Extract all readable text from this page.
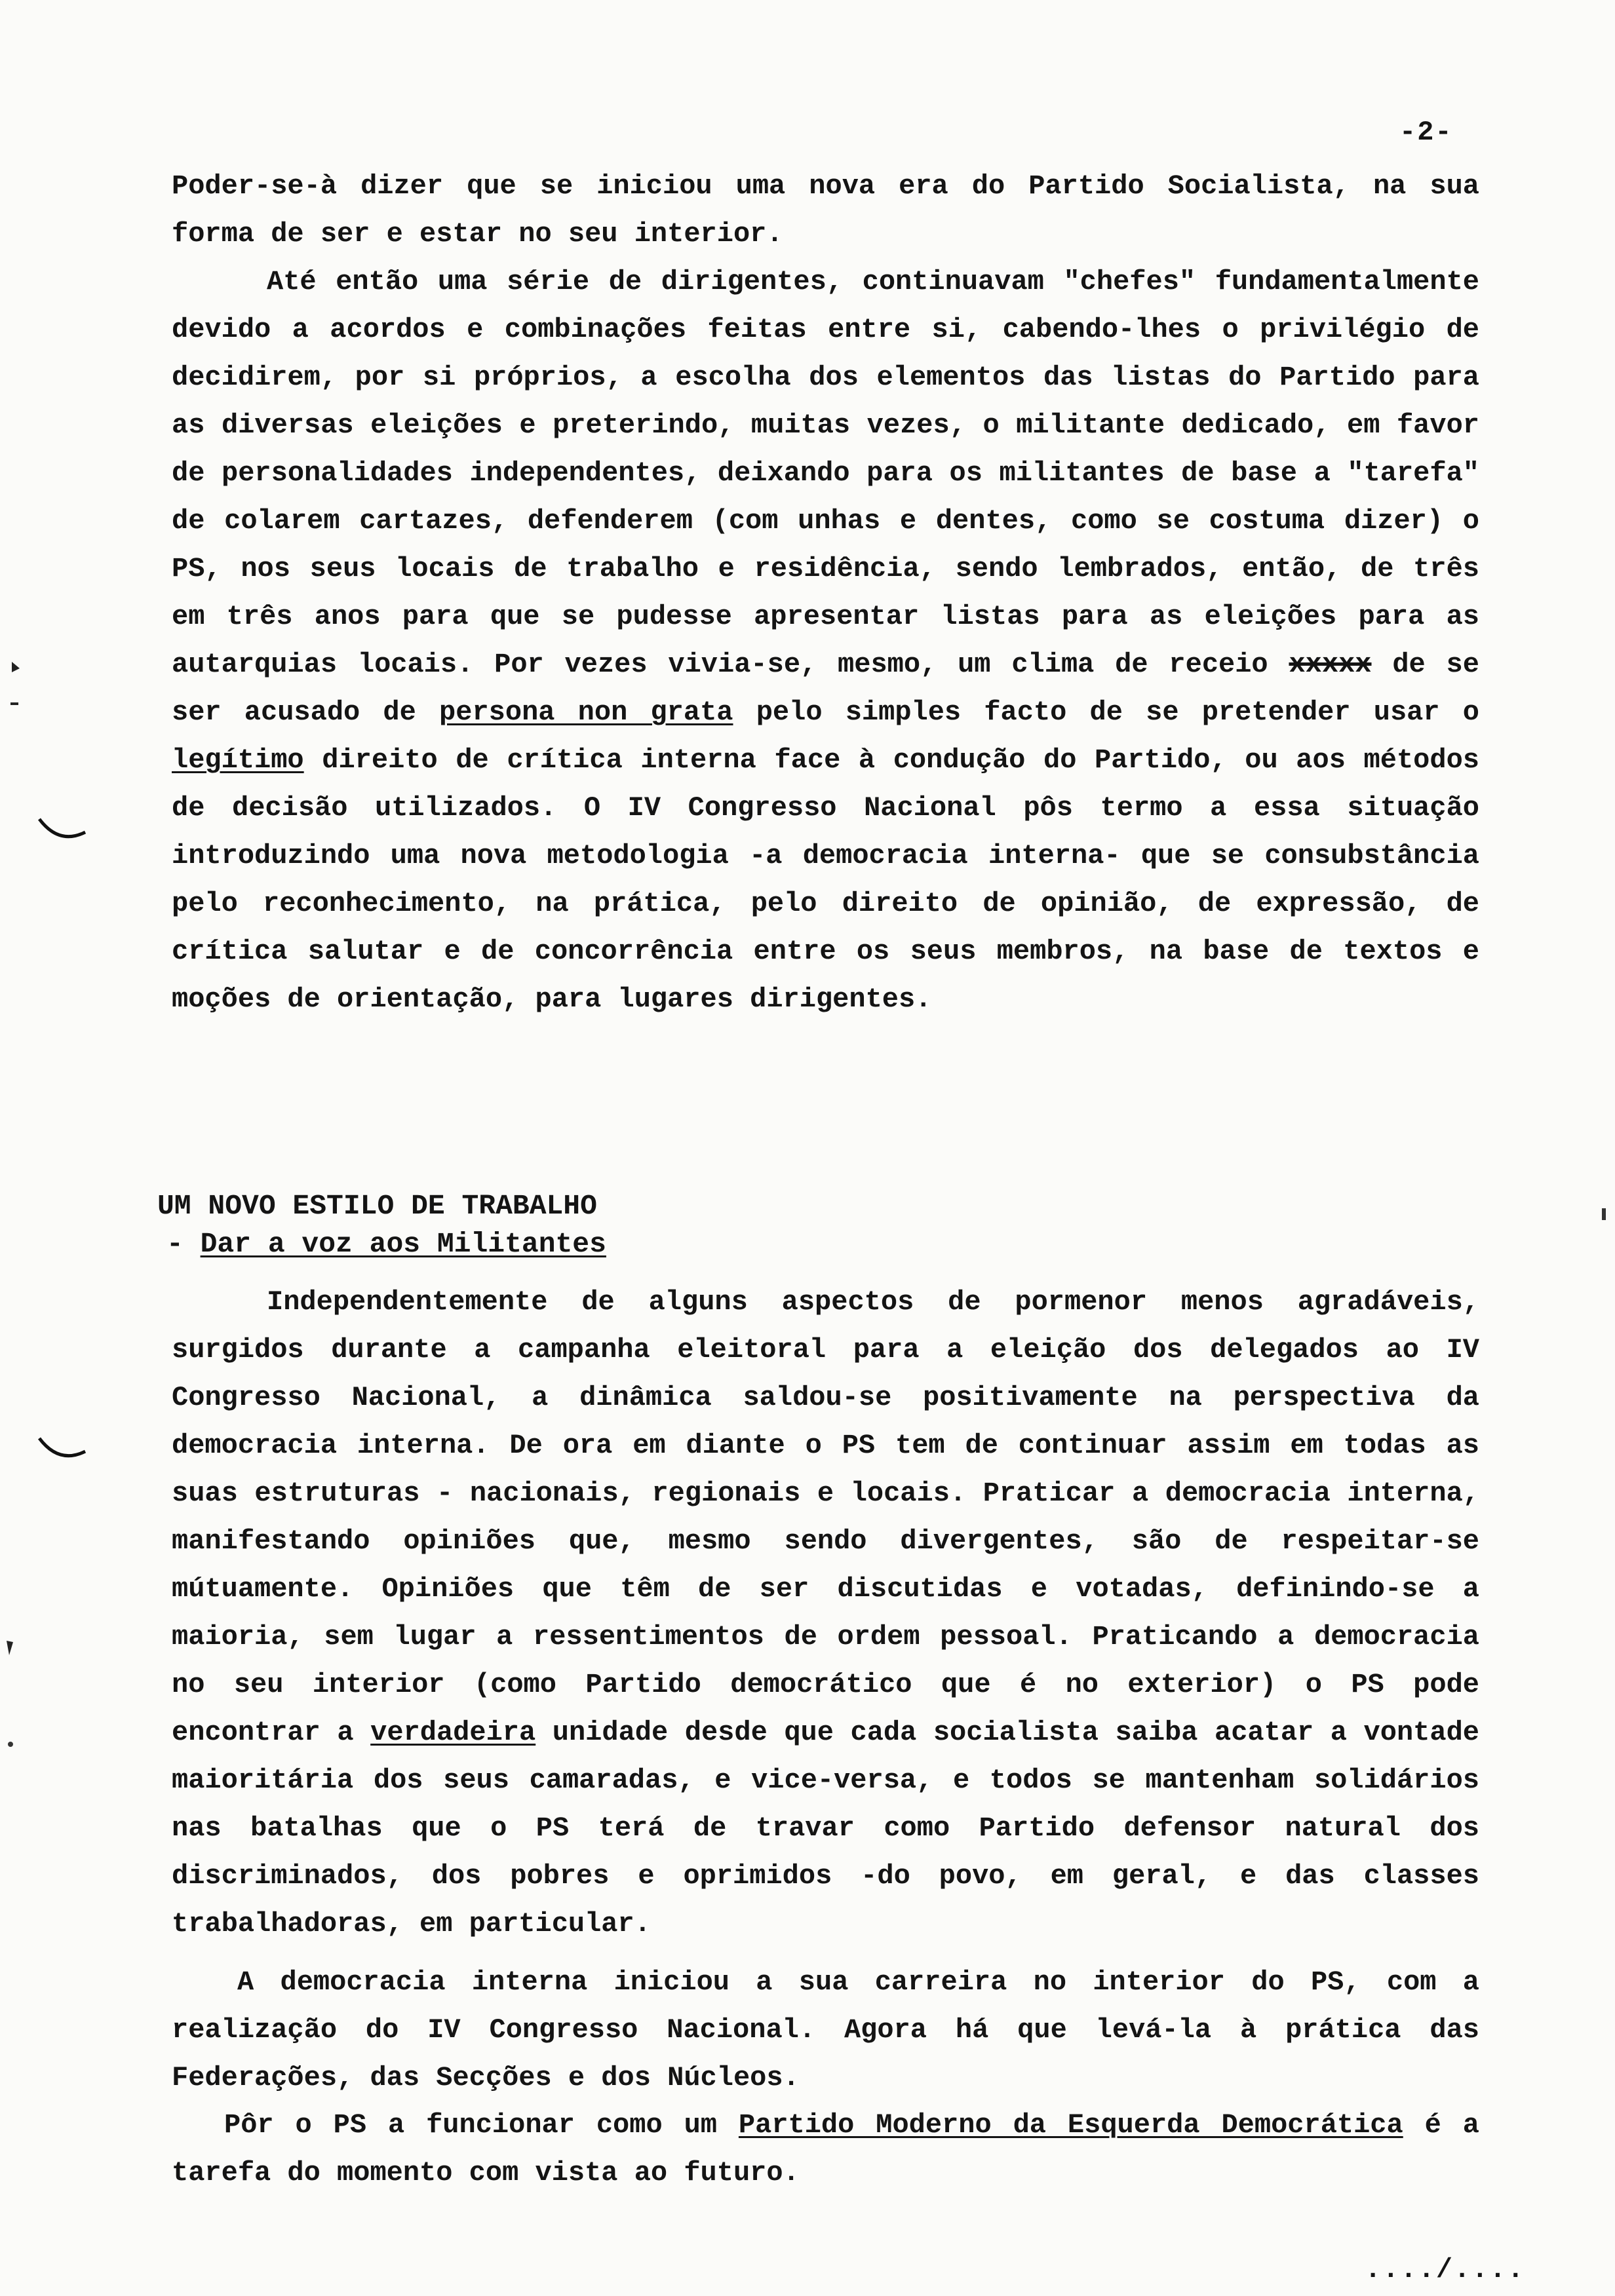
-2-

Poder-se-à dizer que se iniciou uma nova era do Partido Socialista, na sua forma de ser e estar no seu interior.

Até então uma série de dirigentes, continuavam "chefes" fundamentalmente devido a acordos e combinações feitas entre si, cabendo-lhes o privilégio de decidirem, por si próprios, a escolha dos elementos das listas do Partido para as diversas eleições e preterindo, muitas vezes, o militante dedicado, em favor de personalidades independentes, deixando para os militantes de base a "tarefa" de colarem cartazes, defenderem (com unhas e dentes, como se costuma dizer) o PS, nos seus locais de trabalho e residência, sendo lembrados, então, de três em três anos para que se pudesse apresentar listas para as eleições para as autarquias locais. Por vezes vivia-se, mesmo, um clima de receio xxxxx de se ser acusado de persona non grata pelo simples facto de se pretender usar o legítimo direito de crítica interna face à condução do Partido, ou aos métodos de decisão utilizados. O IV Congresso Nacional pôs termo a essa situação introduzindo uma nova metodologia -a democracia interna- que se consubstância pelo reconhecimento, na prática, pelo direito de opinião, de expressão, de crítica salutar e de concorrência entre os seus membros, na base de textos e moções de orientação, para lugares dirigentes.

UM NOVO ESTILO DE TRABALHO
- Dar a voz aos Militantes

Independentemente de alguns aspectos de pormenor menos agradáveis, surgidos durante a campanha eleitoral para a eleição dos delegados ao IV Congresso Nacional, a dinâmica saldou-se positivamente na perspectiva da democracia interna. De ora em diante o PS tem de continuar assim em todas as suas estruturas - nacionais, regionais e locais. Praticar a democracia interna, manifestando opiniões que, mesmo sendo divergentes, são de respeitar-se mútuamente. Opiniões que têm de ser discutidas e votadas, definindo-se a maioria, sem lugar a ressentimentos de ordem pessoal. Praticando a democracia no seu interior (como Partido democrático que é no exterior) o PS pode encontrar a verdadeira unidade desde que cada socialista saiba acatar a vontade maioritária dos seus camaradas, e vice-versa, e todos se mantenham solidários nas batalhas que o PS terá de travar como Partido defensor natural dos discriminados, dos pobres e oprimidos -do povo, em geral, e das classes trabalhadoras, em particular.

A democracia interna iniciou a sua carreira no interior do PS, com a realização do IV Congresso Nacional. Agora há que levá-la à prática das Federações, das Secções e dos Núcleos.

Pôr o PS a funcionar como um Partido Moderno da Esquerda Democrática é a tarefa do momento com vista ao futuro.

..../....
